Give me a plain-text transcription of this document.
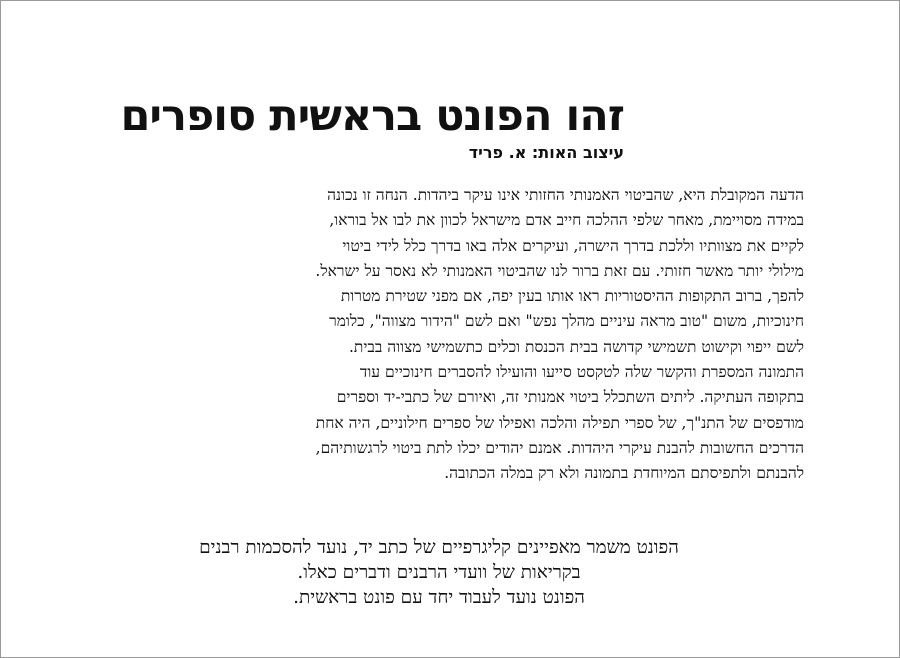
זהו הפונט בראשית סופרים
עיצוב האות: א. פריד
הדעה המקובלת היא, שהביטוי האמנותי החזותי אינו עיקר ביהדות. הנחה זו נכונה
במידה מסויימת, מאחר שלפי ההלכה חייב אדם מישראל לכוון את לבו אל בוראו,
לקיים את מצוותיו וללכת בדרך הישרה, ועיקרים אלה באו בדרך כלל לידי ביטוי
מילולי יותר מאשר חזותי. עם זאת ברור לנו שהביטוי האמנותי לא נאסר על ישראל.
להפך, ברוב התקופות ההיסטוריות ראו אותו בעין יפה, אם מפני שטירת מטרות
חינוכיות, משום "טוב מראה עיניים מהלך נפש" ואם לשם "הידור מצווה", כלומר
לשם ייפוי וקישוט תשמישי קדושה בבית הכנסת וכלים כתשמישי מצווה בבית.
התמונה המספרת והקשר שלה לטקסט סייעו והועילו להסברים חינוכיים עוד
בתקופה העתיקה. ליתים השתכלל ביטוי אמנותי זה, ואיורם של כתבי-יד וספרים
מודפסים של התנ"ך, של ספרי תפילה והלכה ואפילו של ספרים חילוניים, היה אחת
הדרכים החשובות להבנת עיקרי היהדות. אמנם יהודים יכלו לתת ביטוי לרגשותיהם,
להבנתם ולתפיסתם המיוחדת בתמונה ולא רק במלה הכתובה.
הפונט משמר מאפיינים קליגרפיים של כתב יד, נועד להסכמות רבנים
בקריאות של וועדי הרבנים ודברים כאלו.
הפונט נועד לעבוד יחד עם פונט בראשית.
